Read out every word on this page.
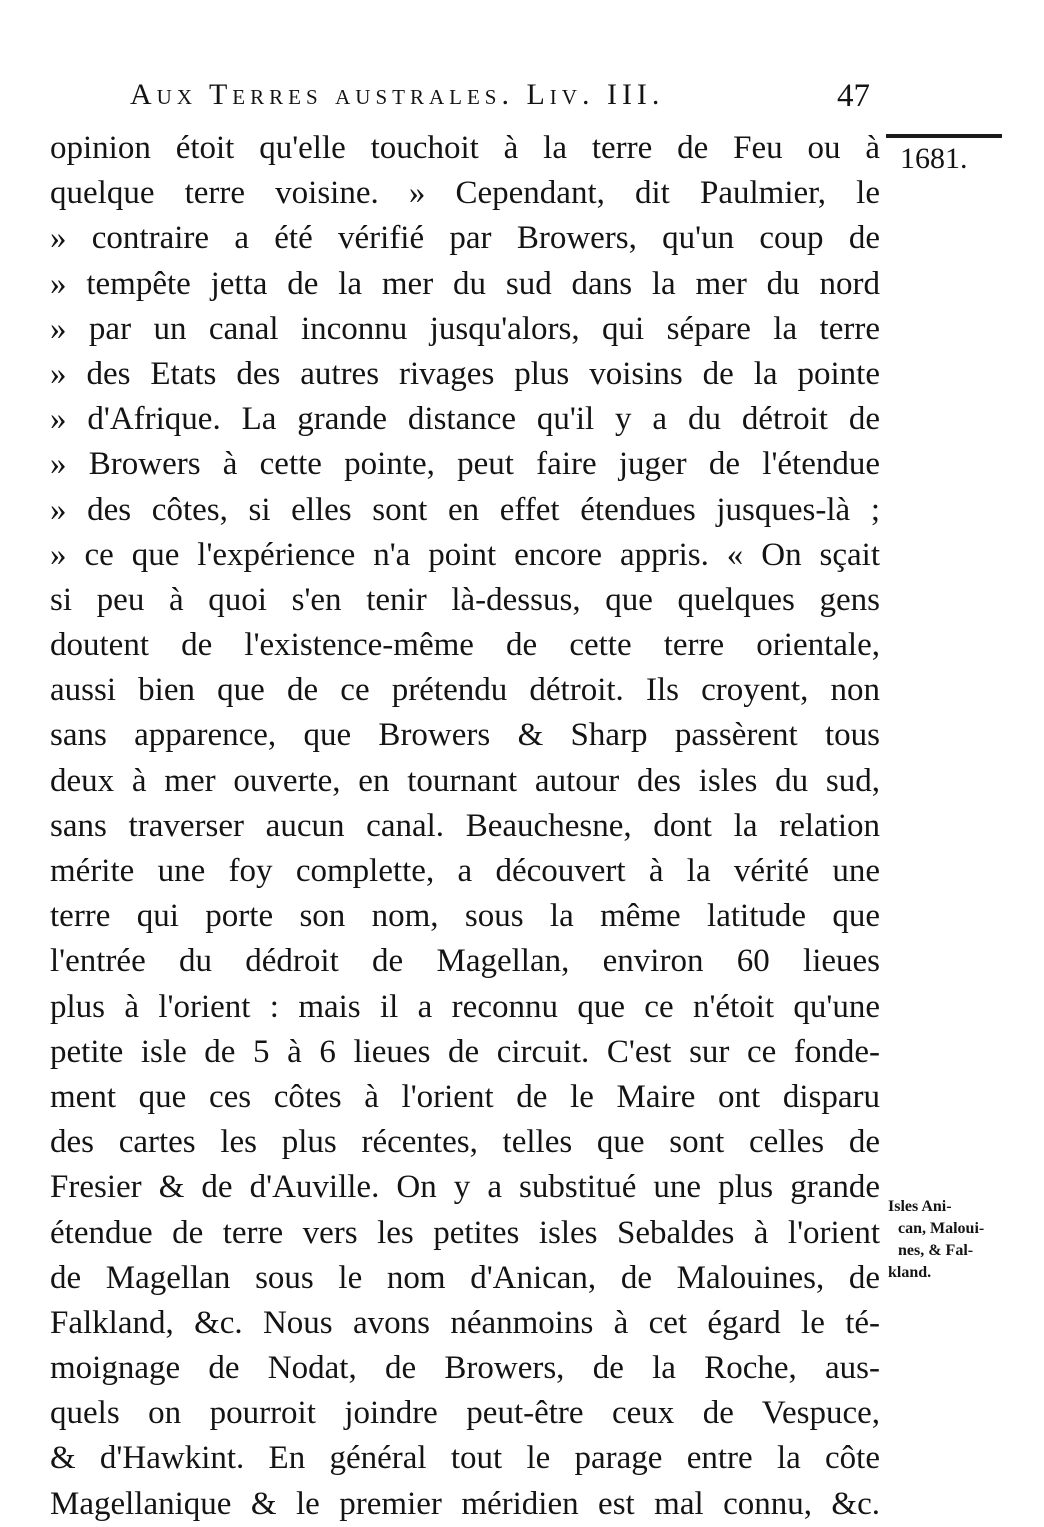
Aux Terres australes. Liv. III.	47
1681.
opinion étoit qu'elle touchoit à la terre de Feu ou à
quelque terre voisine. » Cependant, dit Paulmier, le
» contraire a été vérifié par Browers, qu'un coup de
» tempête jetta de la mer du sud dans la mer du nord
» par un canal inconnu jusqu'alors, qui sépare la terre
» des Etats des autres rivages plus voisins de la pointe
» d'Afrique. La grande distance qu'il y a du détroit de
» Browers à cette pointe, peut faire juger de l'étendue
» des côtes, si elles sont en effet étendues jusques-là ;
» ce que l'expérience n'a point encore appris. « On sçait
si peu à quoi s'en tenir là-dessus, que quelques gens
doutent de l'existence-même de cette terre orientale,
aussi bien que de ce prétendu détroit. Ils croyent, non
sans apparence, que Browers & Sharp passèrent tous
deux à mer ouverte, en tournant autour des isles du sud,
sans traverser aucun canal. Beauchesne, dont la relation
mérite une foy complette, a découvert à la vérité une
terre qui porte son nom, sous la même latitude que
l'entrée du dédroit de Magellan, environ 60 lieues
plus à l'orient : mais il a reconnu que ce n'étoit qu'une
petite isle de 5 à 6 lieues de circuit. C'est sur ce fonde-
ment que ces côtes à l'orient de le Maire ont disparu
des cartes les plus récentes, telles que sont celles de
Fresier & de d'Auville. On y a substitué une plus grande
étendue de terre vers les petites isles Sebaldes à l'orient
de Magellan sous le nom d'Anican, de Malouines, de
Falkland, &c. Nous avons néanmoins à cet égard le té-
moignage de Nodat, de Browers, de la Roche, aus-
quels on pourroit joindre peut-être ceux de Vespuce,
& d'Hawkint. En général tout le parage entre la côte
Magellanique & le premier méridien est mal connu, &c.
Isles Ani-
can, Maloui-
nes, & Fal-
kland.
